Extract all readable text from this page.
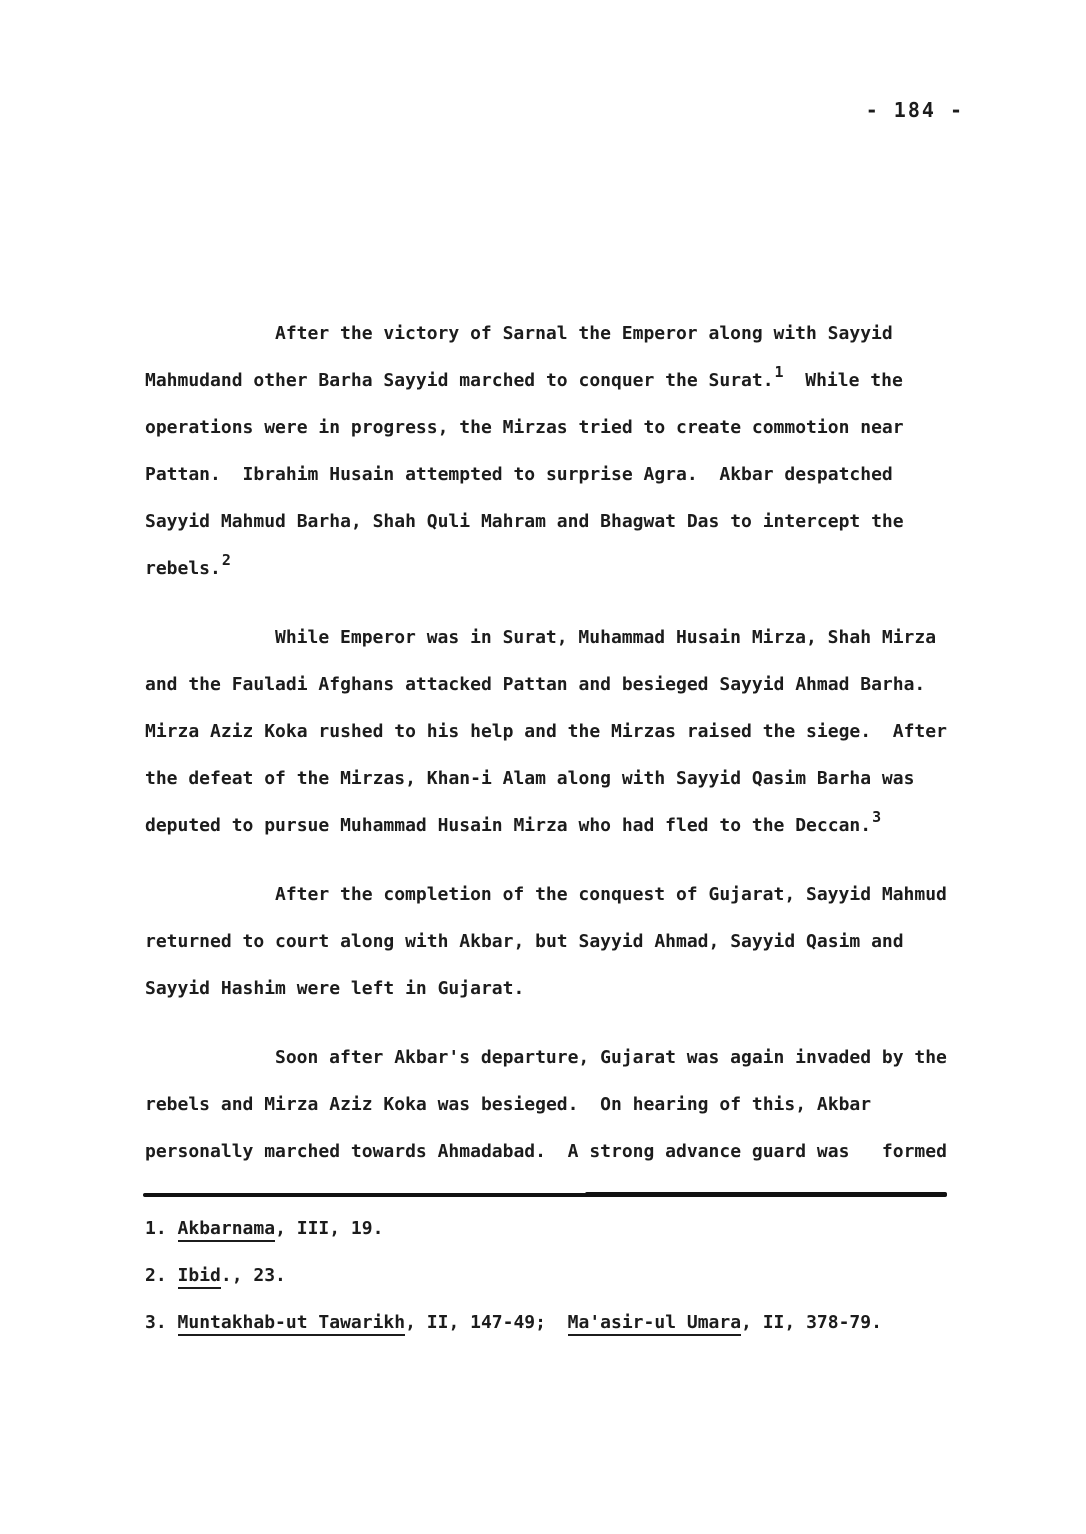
- 184 -
After the victory of Sarnal the Emperor along with Sayyid
Mahmudand other Barha Sayyid marched to conquer the Surat.1  While the
operations were in progress, the Mirzas tried to create commotion near
Pattan.  Ibrahim Husain attempted to surprise Agra.  Akbar despatched
Sayyid Mahmud Barha, Shah Quli Mahram and Bhagwat Das to intercept the
rebels.2
While Emperor was in Surat, Muhammad Husain Mirza, Shah Mirza
and the Fauladi Afghans attacked Pattan and besieged Sayyid Ahmad Barha.
Mirza Aziz Koka rushed to his help and the Mirzas raised the siege.  After
the defeat of the Mirzas, Khan-i Alam along with Sayyid Qasim Barha was
deputed to pursue Muhammad Husain Mirza who had fled to the Deccan.3
After the completion of the conquest of Gujarat, Sayyid Mahmud
returned to court along with Akbar, but Sayyid Ahmad, Sayyid Qasim and
Sayyid Hashim were left in Gujarat.
Soon after Akbar's departure, Gujarat was again invaded by the
rebels and Mirza Aziz Koka was besieged.  On hearing of this, Akbar
personally marched towards Ahmadabad.  A strong advance guard was   formed
1. Akbarnama, III, 19.
2. Ibid., 23.
3. Muntakhab-ut Tawarikh, II, 147-49;  Ma'asir-ul Umara, II, 378-79.
